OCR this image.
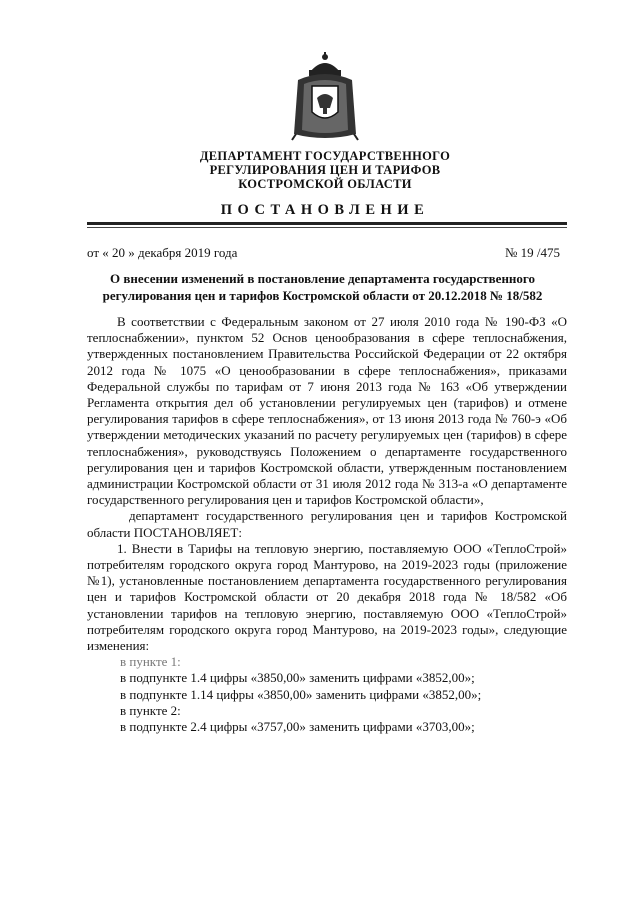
ДЕПАРТАМЕНТ ГОСУДАРСТВЕННОГО
РЕГУЛИРОВАНИЯ ЦЕН И ТАРИФОВ
КОСТРОМСКОЙ ОБЛАСТИ
ПОСТАНОВЛЕНИЕ
от « 20 » декабря 2019 года	№ 19 /475
О внесении изменений в постановление департамента государственного
регулирования цен и тарифов Костромской области от 20.12.2018 № 18/582

В соответствии с Федеральным законом от 27 июля 2010 года № 190-ФЗ «О теплоснабжении», пунктом 52 Основ ценообразования в сфере теплоснабжения, утвержденных постановлением Правительства Российской Федерации от 22 октября 2012 года № 1075 «О ценообразовании в сфере теплоснабжения», приказами Федеральной службы по тарифам от 7 июня 2013 года № 163 «Об утверждении Регламента открытия дел об установлении регулируемых цен (тарифов) и отмене регулирования тарифов в сфере теплоснабжения», от 13 июня 2013 года № 760-э «Об утверждении методических указаний по расчету регулируемых цен (тарифов) в сфере теплоснабжения», руководствуясь Положением о департаменте государственного регулирования цен и тарифов Костромской области, утвержденным постановлением администрации Костромской области от 31 июля 2012 года № 313-а «О департаменте государственного регулирования цен и тарифов Костромской области»,

департамент государственного регулирования цен и тарифов Костромской области ПОСТАНОВЛЯЕТ:

1. Внести в Тарифы на тепловую энергию, поставляемую ООО «ТеплоСтрой» потребителям городского округа город Мантурово, на 2019-2023 годы (приложение №1), установленные постановлением департамента государственного регулирования цен и тарифов Костромской области от 20 декабря 2018 года № 18/582 «Об установлении тарифов на тепловую энергию, поставляемую ООО «ТеплоСтрой» потребителям городского округа город Мантурово, на 2019-2023 годы», следующие изменения:

в пункте 1:

в подпункте 1.4 цифры «3850,00» заменить цифрами «3852,00»;

в подпункте 1.14 цифры «3850,00» заменить цифрами «3852,00»;

в пункте 2:

в подпункте 2.4 цифры «3757,00» заменить цифрами «3703,00»;
